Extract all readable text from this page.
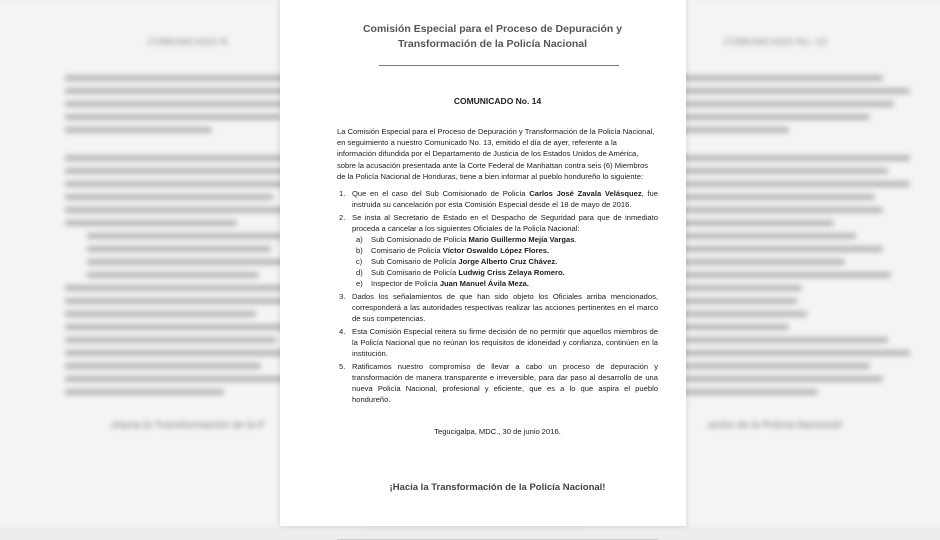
COMUNICADO N
¡Hacia la Transformación de la P
COMUNICADO No. 13
ación de la Policía Nacional!
Comisión Especial para el Proceso de Depuración y
Transformación de la Policía Nacional
COMUNICADO No. 14
La Comisión Especial para el Proceso de Depuración y Transformación de la Policía Nacional,
en seguimiento a nuestro Comunicado No. 13, emitido el día de ayer, referente a la
información difundida por el Departamento de Justicia de los Estados Unidos de América,
sobre la acusación presentada ante la Corte Federal de Manhattan contra seis (6) Miembros
de la Policía Nacional de Honduras, tiene a bien informar al pueblo hondureño lo siguiente:
1. Que en el caso del Sub Comisionado de Policía Carlos José Zavala Velásquez, fue instruida su cancelación por esta Comisión Especial desde el 18 de mayo de 2016.
2. Se insta al Secretario de Estado en el Despacho de Seguridad para que de inmediato proceda a cancelar a los siguientes Oficiales de la Policía Nacional:
a) Sub Comisionado de Policía Mario Guillermo Mejía Vargas.
b) Comisario de Policía Víctor Oswaldo López Flores.
c) Sub Comisario de Policía Jorge Alberto Cruz Chávez.
d) Sub Comisario de Policía Ludwig Criss Zelaya Romero.
e) Inspector de Policía Juan Manuel Ávila Meza.
3. Dados los señalamientos de que han sido objeto los Oficiales arriba mencionados, corresponderá a las autoridades respectivas realizar las acciones pertinentes en el marco de sus competencias.
4. Esta Comisión Especial reitera su firme decisión de no permitir que aquellos miembros de la Policía Nacional que no reúnan los requisitos de idoneidad y confianza, continúen en la institución.
5. Ratificamos nuestro compromiso de llevar a cabo un proceso de depuración y transformación de manera transparente e irreversible, para dar paso al desarrollo de una nueva Policía Nacional, profesional y eficiente, que es a lo que aspira el pueblo hondureño.
Tegucigalpa, MDC., 30 de junio 2016.
¡Hacia la Transformación de la Policía Nacional!
